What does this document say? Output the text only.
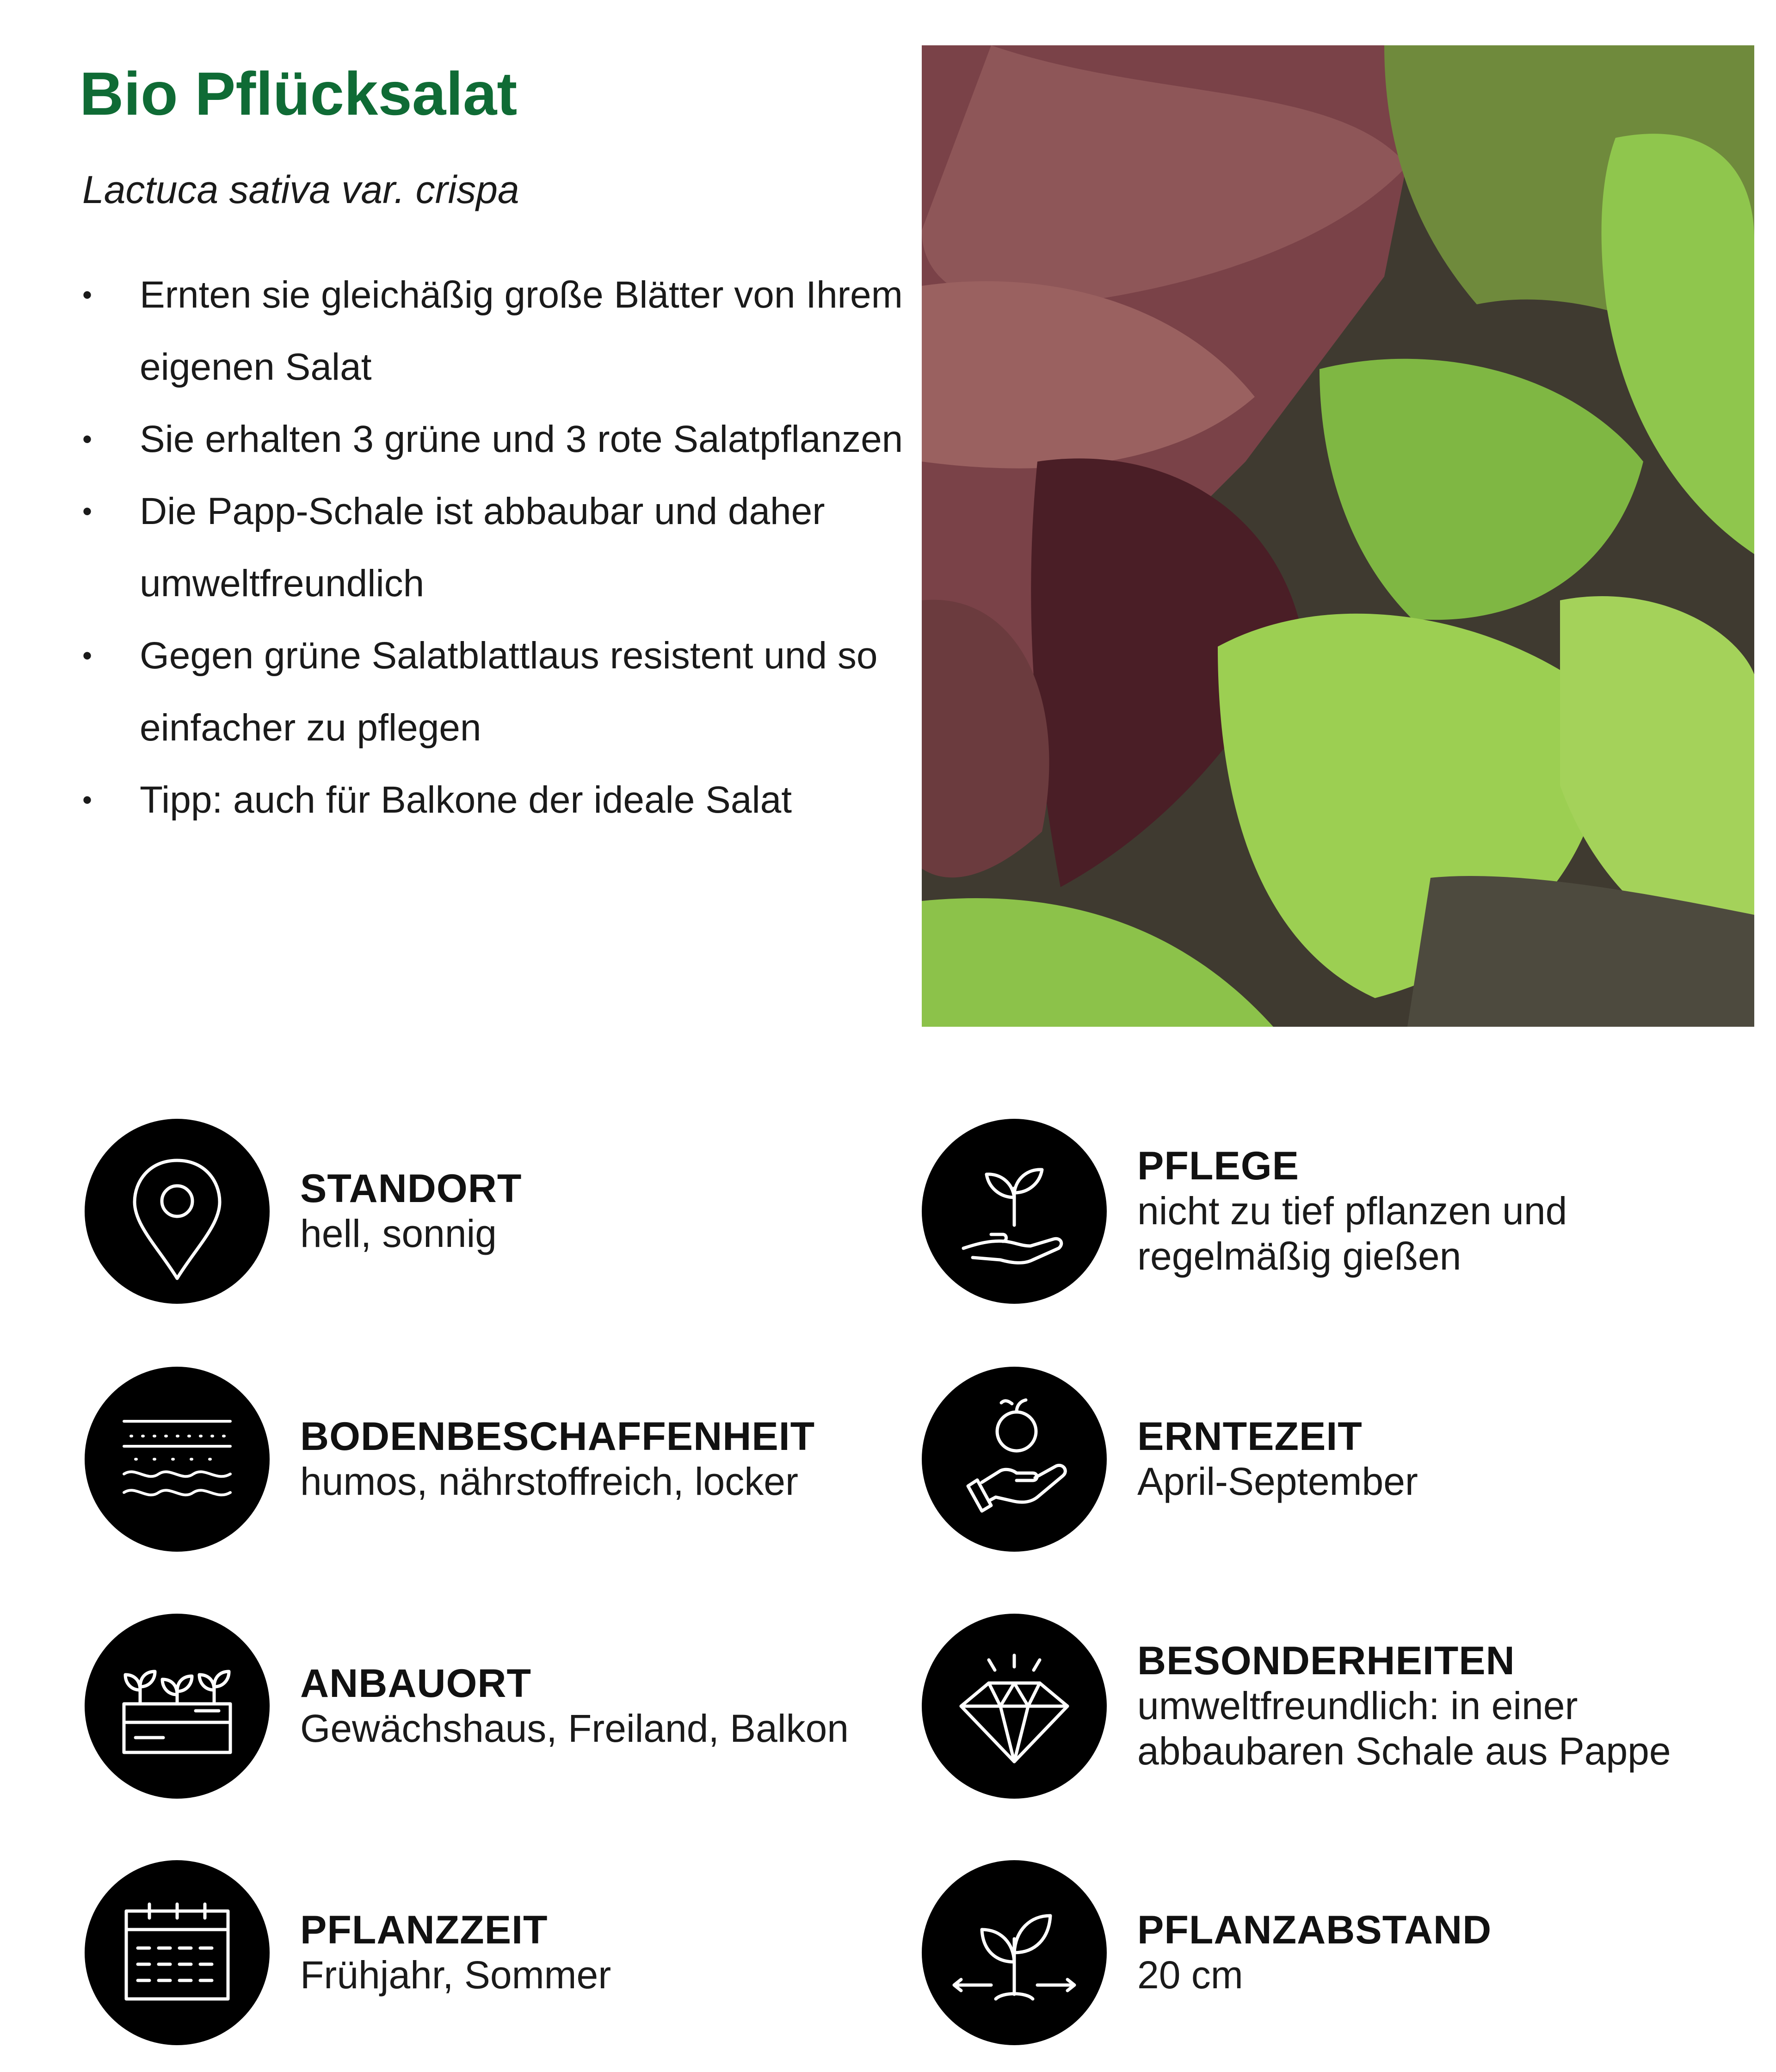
Bio Pflücksalat

Lactuca sativa var. crispa

• Ernten sie gleichäßig große Blätter von Ihrem eigenen Salat
• Sie erhalten 3 grüne und 3 rote Salatpflanzen
• Die Papp-Schale ist abbaubar und daher umweltfreundlich
• Gegen grüne Salatblattlaus resistent und so einfacher zu pflegen
• Tipp: auch für Balkone der ideale Salat
STANDORT
hell, sonnig
PFLEGE
nicht zu tief pflanzen und regelmäßig gießen
BODENBESCHAFFENHEIT
humos, nährstoffreich, locker
ERNTEZEIT
April-September
ANBAUORT
Gewächshaus, Freiland, Balkon
BESONDERHEITEN
umweltfreundlich: in einer abbaubaren Schale aus Pappe
PFLANZZEIT
Frühjahr, Sommer
PFLANZABSTAND
20 cm
